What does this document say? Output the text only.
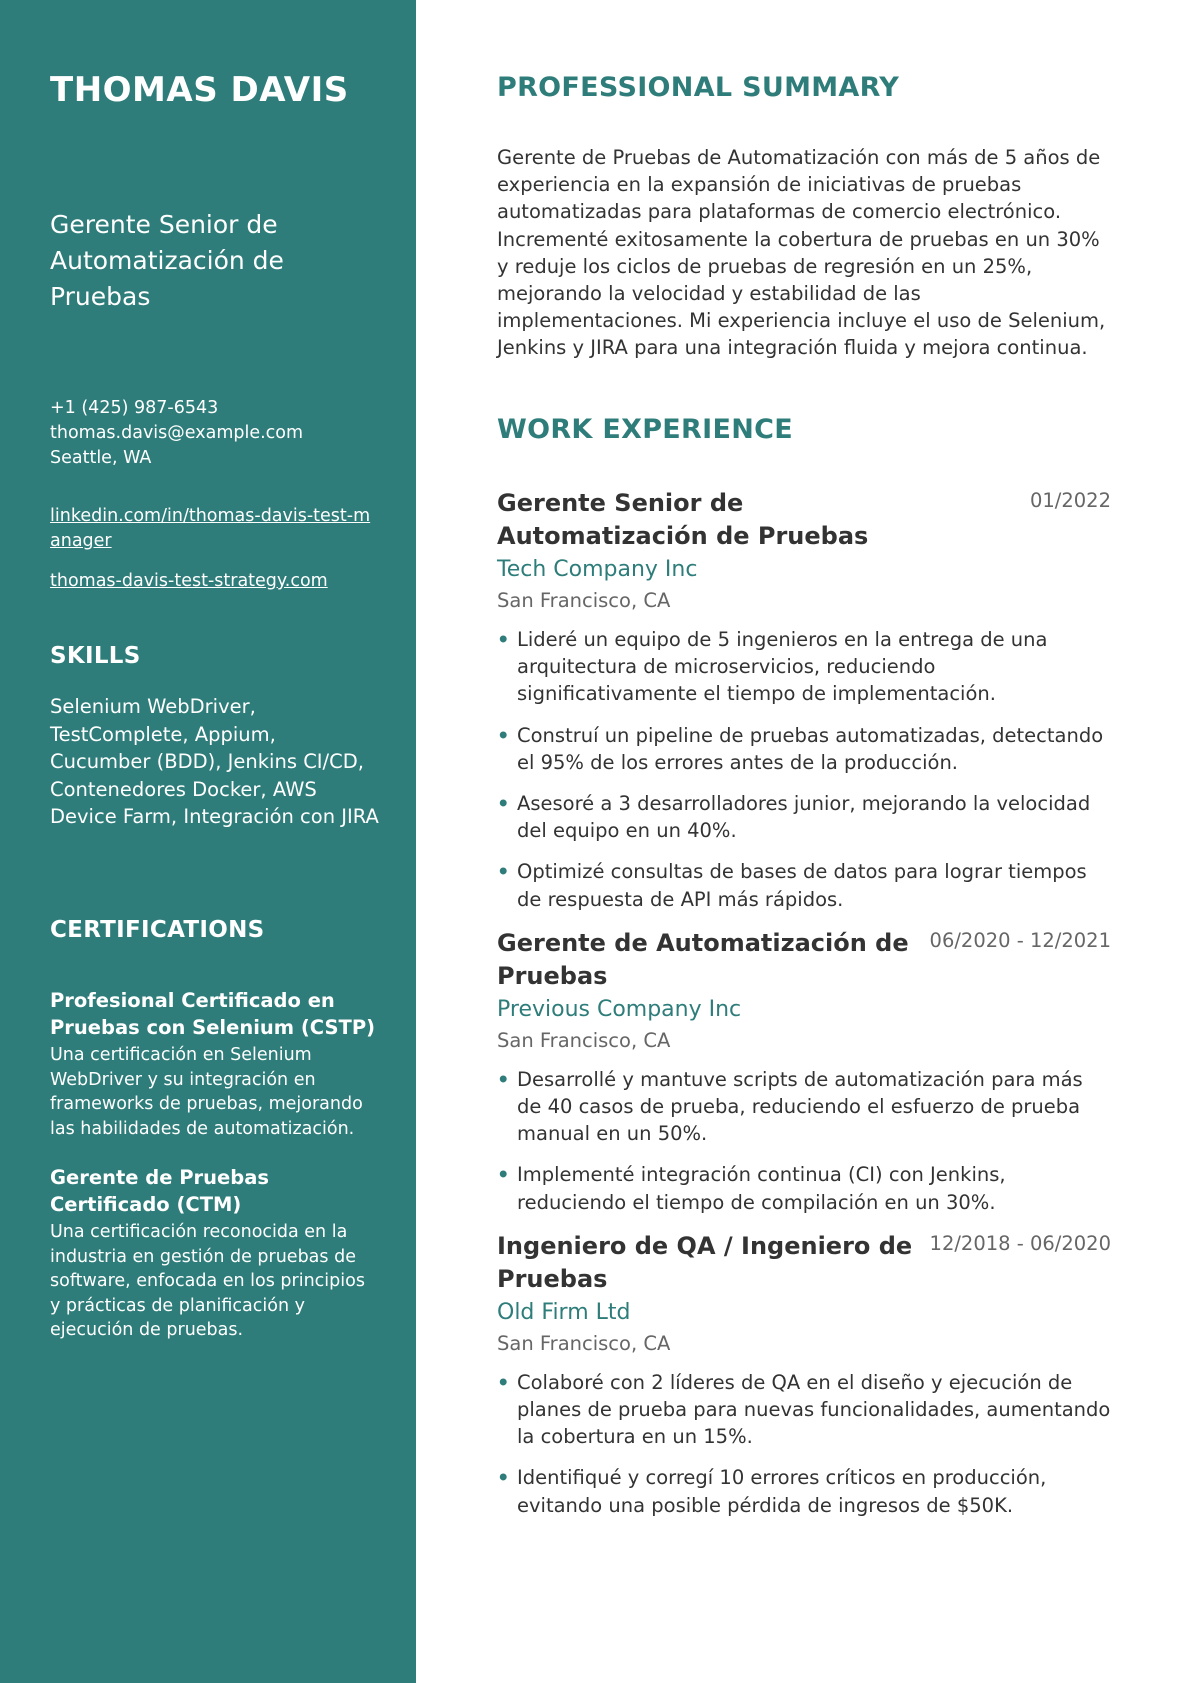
THOMAS DAVIS
Gerente Senior de Automatización de Pruebas
+1 (425) 987-6543
thomas.davis@example.com
Seattle, WA
linkedin.com/in/thomas-davis-test-manager
thomas-davis-test-strategy.com
SKILLS
Selenium WebDriver, TestComplete, Appium, Cucumber (BDD), Jenkins CI/CD, Contenedores Docker, AWS Device Farm, Integración con JIRA
CERTIFICATIONS
Profesional Certificado en Pruebas con Selenium (CSTP)
Una certificación en Selenium WebDriver y su integración en frameworks de pruebas, mejorando las habilidades de automatización.
Gerente de Pruebas Certificado (CTM)
Una certificación reconocida en la industria en gestión de pruebas de software, enfocada en los principios y prácticas de planificación y ejecución de pruebas.
PROFESSIONAL SUMMARY

Gerente de Pruebas de Automatización con más de 5 años de experiencia en la expansión de iniciativas de pruebas automatizadas para plataformas de comercio electrónico. Incrementé exitosamente la cobertura de pruebas en un 30% y reduje los ciclos de pruebas de regresión en un 25%, mejorando la velocidad y estabilidad de las implementaciones. Mi experiencia incluye el uso de Selenium, Jenkins y JIRA para una integración fluida y mejora continua.

WORK EXPERIENCE
Gerente Senior de Automatización de Pruebas
01/2022
Tech Company Inc
San Francisco, CA
• Lideré un equipo de 5 ingenieros en la entrega de una arquitectura de microservicios, reduciendo significativamente el tiempo de implementación.
• Construí un pipeline de pruebas automatizadas, detectando el 95% de los errores antes de la producción.
• Asesoré a 3 desarrolladores junior, mejorando la velocidad del equipo en un 40%.
• Optimizé consultas de bases de datos para lograr tiempos de respuesta de API más rápidos.
Gerente de Automatización de Pruebas
06/2020 - 12/2021
Previous Company Inc
San Francisco, CA
• Desarrollé y mantuve scripts de automatización para más de 40 casos de prueba, reduciendo el esfuerzo de prueba manual en un 50%.
• Implementé integración continua (CI) con Jenkins, reduciendo el tiempo de compilación en un 30%.
Ingeniero de QA / Ingeniero de Pruebas
12/2018 - 06/2020
Old Firm Ltd
San Francisco, CA
• Colaboré con 2 líderes de QA en el diseño y ejecución de planes de prueba para nuevas funcionalidades, aumentando la cobertura en un 15%.
• Identifiqué y corregí 10 errores críticos en producción, evitando una posible pérdida de ingresos de $50K.
